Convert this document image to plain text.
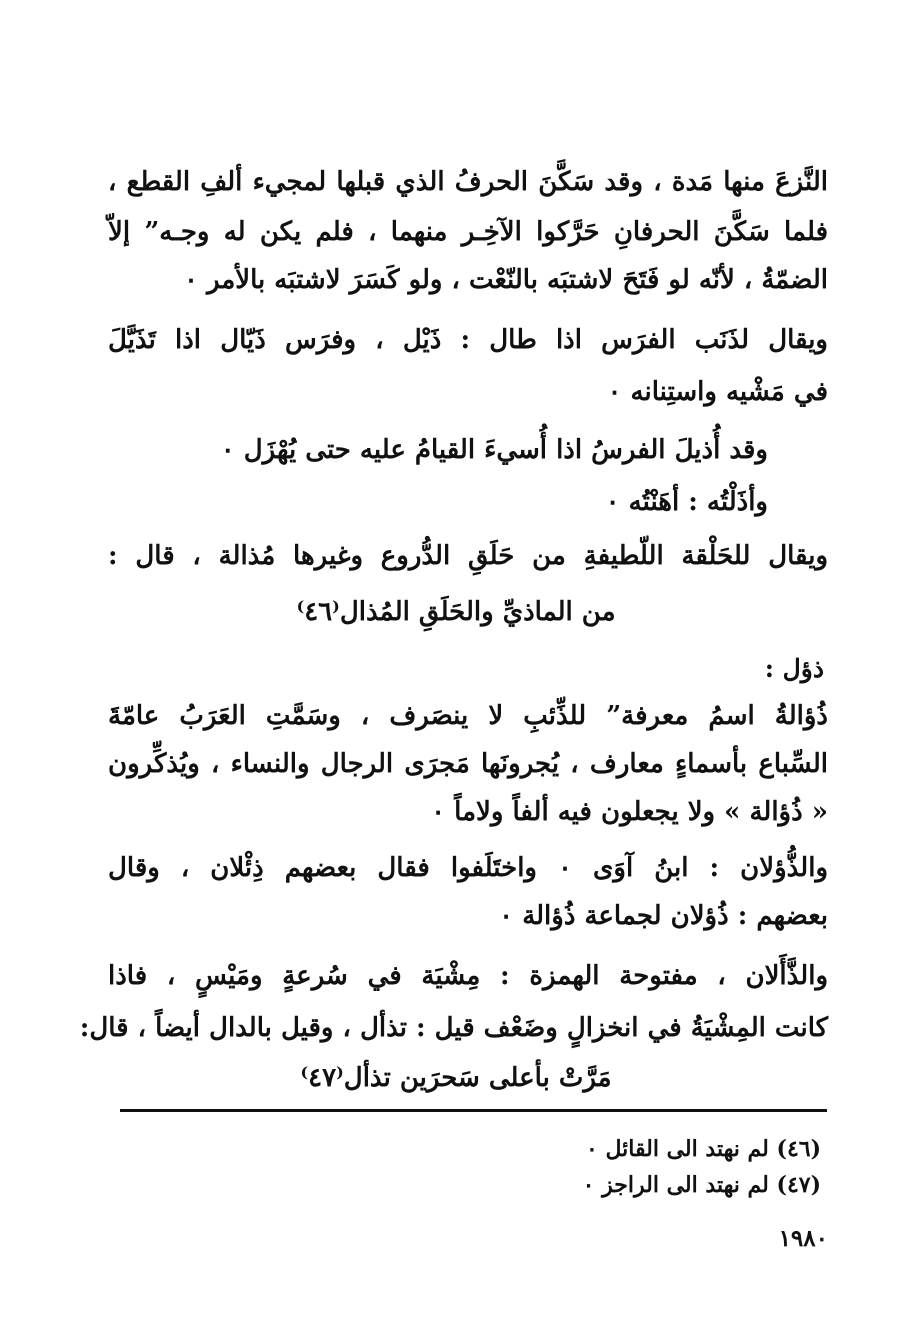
النَّزعَ منها مَدة ، وقد سَكَّنَ الحرفُ الذي قبلها لمجيء ألفِ القطع ،
فلما سَكَّنَ الحرفانِ حَرَّكوا الآخِـر منهما ، فلم يكن له وجـه” إلاّ
الضمّةُ ، لأنّه لو فَتَحَ لاشتبَه بالنّعْت ، ولو كَسَرَ لاشتبَه بالأمر ٠
ويقال لذَنَب الفرَس اذا طال : ذَيْل ، وفرَس ذَيّال اذا تَذَيَّلَ
في مَشْيه واستِنانه ٠
وقد أُذيلَ الفرسُ اذا أُسيءَ القيامُ عليه حتى يُهْزَل ٠
وأذَلْتُه : أهَنْتُه ٠
ويقال للحَلْقة اللّطيفةِ من حَلَقِ الدُّروع وغيرها مُذالة ، قال :
من الماذيِّ والحَلَقِ المُذال⁽٤٦⁾
ذؤل :
ذُؤالةُ اسمُ معرفة” للذِّئبِ لا ينصَرف ، وسَمَّتِ العَرَبُ عامّةَ
السِّباع بأسماءٍ معارف ، يُجرونَها مَجرَى الرجال والنساء ، ويُذكِّرون
« ذُؤالة » ولا يجعلون فيه ألفاً ولاماً ٠
والذُّؤلان : ابنُ آوَى ٠ واختَلَفوا فقال بعضهم ذِئْلان ، وقال
بعضهم : ذُؤلان لجماعة ذُؤالة ٠
والذَّأَلان ، مفتوحة الهمزة : مِشْيَة في سُرعةٍ ومَيْسٍ ، فاذا
كانت المِشْيَةُ في انخزالٍ وضَعْف قيل : تذأل ، وقيل بالدال أيضاً ، قال:
مَرَّتْ بأعلى سَحرَين تذأل⁽٤٧⁾
(٤٦) لم نهتد الى القائل ٠
(٤٧) لم نهتد الى الراجز ٠
١٩٨٠
